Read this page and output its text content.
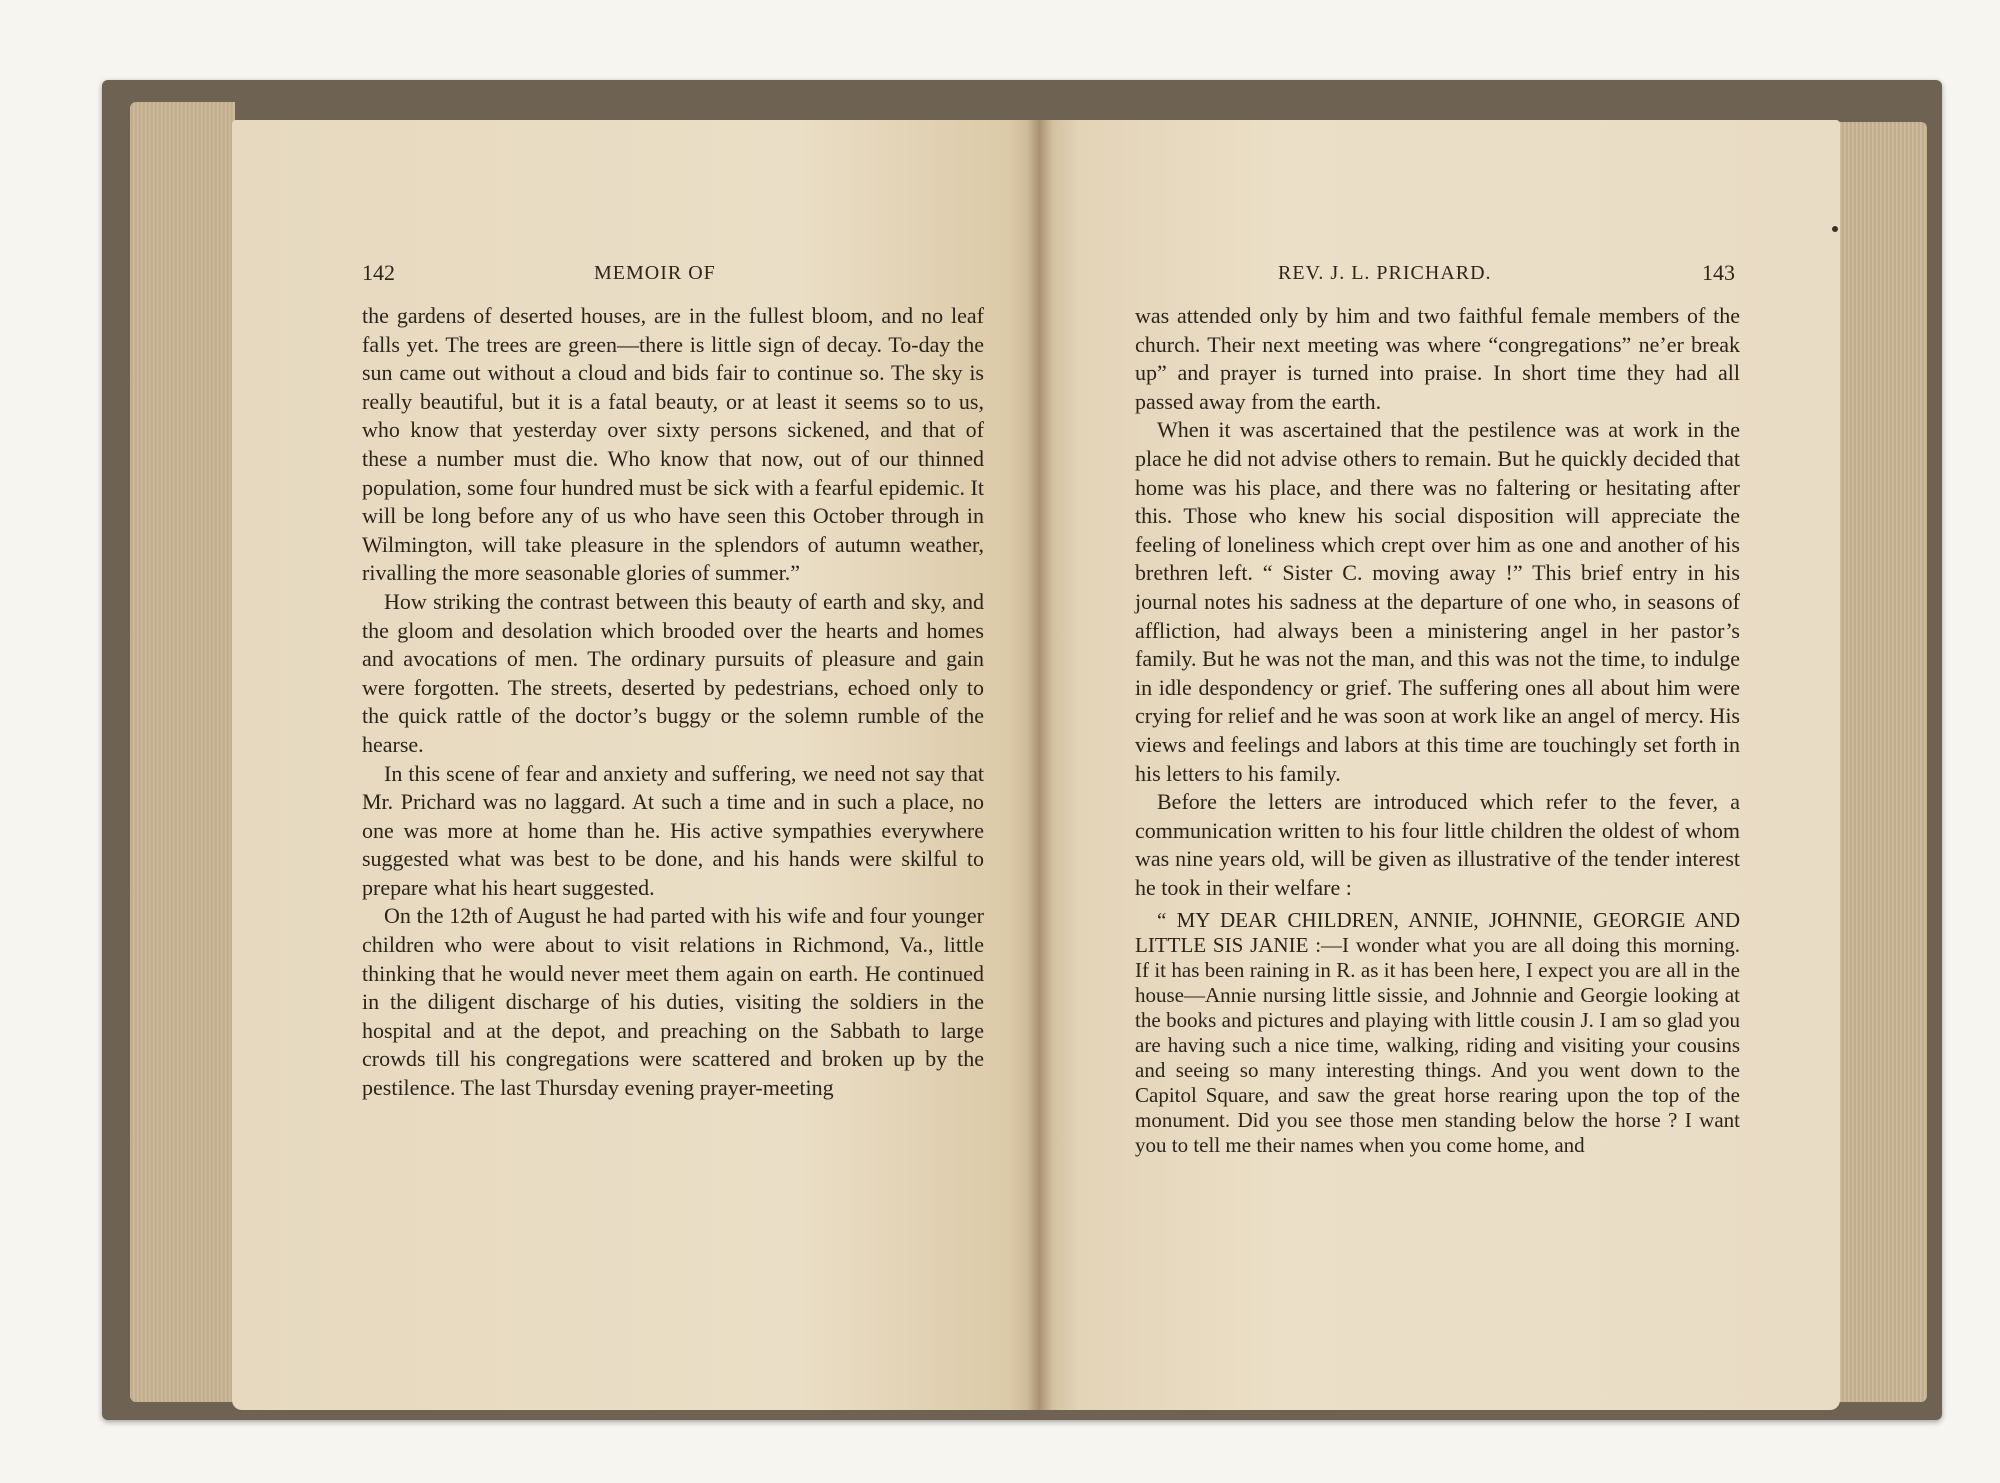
142	MEMOIR OF

the gardens of deserted houses, are in the fullest bloom, and no leaf falls yet. The trees are green—there is little sign of decay. To-day the sun came out without a cloud and bids fair to continue so. The sky is really beautiful, but it is a fatal beauty, or at least it seems so to us, who know that yesterday over sixty persons sickened, and that of these a number must die. Who know that now, out of our thinned population, some four hundred must be sick with a fearful epidemic. It will be long before any of us who have seen this October through in Wilmington, will take pleasure in the splendors of autumn weather, rivalling the more seasonable glories of summer.”

How striking the contrast between this beauty of earth and sky, and the gloom and desolation which brooded over the hearts and homes and avocations of men. The ordinary pursuits of pleasure and gain were forgotten. The streets, deserted by pedestrians, echoed only to the quick rattle of the doctor’s buggy or the solemn rumble of the hearse.

In this scene of fear and anxiety and suffering, we need not say that Mr. Prichard was no laggard. At such a time and in such a place, no one was more at home than he. His active sympathies everywhere suggested what was best to be done, and his hands were skilful to prepare what his heart suggested.

On the 12th of August he had parted with his wife and four younger children who were about to visit relations in Richmond, Va., little thinking that he would never meet them again on earth. He continued in the diligent discharge of his duties, visiting the soldiers in the hospital and at the depot, and preaching on the Sabbath to large crowds till his congregations were scattered and broken up by the pestilence. The last Thursday evening prayer-meeting

REV. J. L. PRICHARD.	143

was attended only by him and two faithful female members of the church. Their next meeting was where “congregations” ne’er break up” and prayer is turned into praise. In short time they had all passed away from the earth.

When it was ascertained that the pestilence was at work in the place he did not advise others to remain. But he quickly decided that home was his place, and there was no faltering or hesitating after this. Those who knew his social disposition will appreciate the feeling of loneliness which crept over him as one and another of his brethren left. “ Sister C. moving away !” This brief entry in his journal notes his sadness at the departure of one who, in seasons of affliction, had always been a ministering angel in her pastor’s family. But he was not the man, and this was not the time, to indulge in idle despondency or grief. The suffering ones all about him were crying for relief and he was soon at work like an angel of mercy. His views and feelings and labors at this time are touchingly set forth in his letters to his family.

Before the letters are introduced which refer to the fever, a communication written to his four little children the oldest of whom was nine years old, will be given as illustrative of the tender interest he took in their welfare :

“ MY DEAR CHILDREN, ANNIE, JOHNNIE, GEORGIE AND LITTLE SIS JANIE :—I wonder what you are all doing this morning. If it has been raining in R. as it has been here, I expect you are all in the house—Annie nursing little sissie, and Johnnie and Georgie looking at the books and pictures and playing with little cousin J. I am so glad you are having such a nice time, walking, riding and visiting your cousins and seeing so many interesting things. And you went down to the Capitol Square, and saw the great horse rearing upon the top of the monument. Did you see those men standing below the horse ? I want you to tell me their names when you come home, and
